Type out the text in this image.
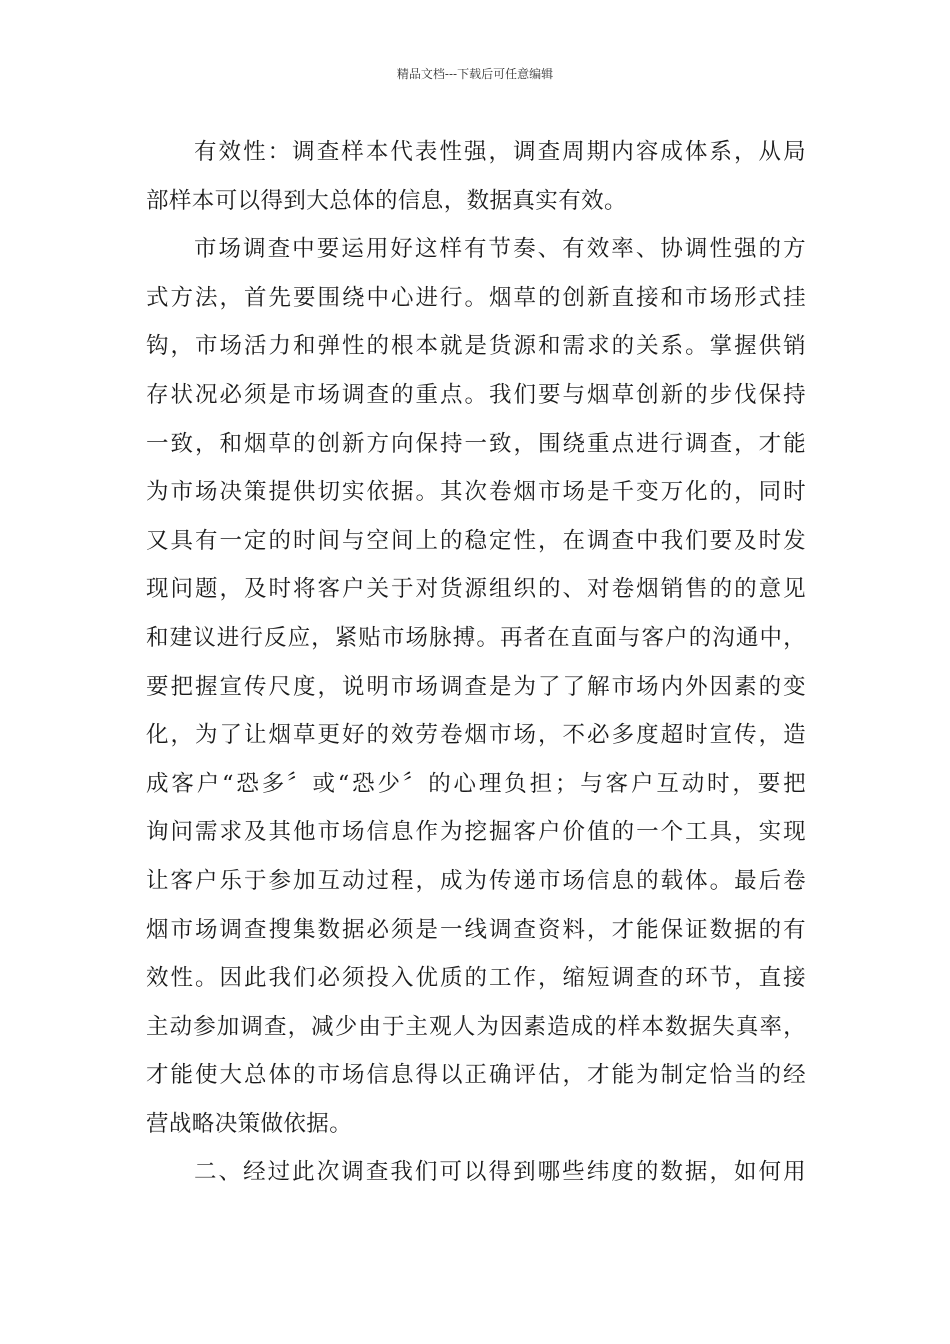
精品文档---下载后可任意编辑
有效性：调查样本代表性强，调查周期内容成体系，从局
部样本可以得到大总体的信息，数据真实有效。
市场调查中要运用好这样有节奏、有效率、协调性强的方
式方法，首先要围绕中心进行。烟草的创新直接和市场形式挂
钩，市场活力和弹性的根本就是货源和需求的关系。掌握供销
存状况必须是市场调查的重点。我们要与烟草创新的步伐保持
一致，和烟草的创新方向保持一致，围绕重点进行调查，才能
为市场决策提供切实依据。其次卷烟市场是千变万化的，同时
又具有一定的时间与空间上的稳定性，在调查中我们要及时发
现问题，及时将客户关于对货源组织的、对卷烟销售的的意见
和建议进行反应，紧贴市场脉搏。再者在直面与客户的沟通中，
要把握宣传尺度，说明市场调查是为了了解市场内外因素的变
化，为了让烟草更好的效劳卷烟市场，不必多度超时宣传，造
成客户“恐多〞或“恐少〞的心理负担；与客户互动时，要把
询问需求及其他市场信息作为挖掘客户价值的一个工具，实现
让客户乐于参加互动过程，成为传递市场信息的载体。最后卷
烟市场调查搜集数据必须是一线调查资料，才能保证数据的有
效性。因此我们必须投入优质的工作，缩短调查的环节，直接
主动参加调查，减少由于主观人为因素造成的样本数据失真率，
才能使大总体的市场信息得以正确评估，才能为制定恰当的经
营战略决策做依据。
二、经过此次调查我们可以得到哪些纬度的数据，如何用
